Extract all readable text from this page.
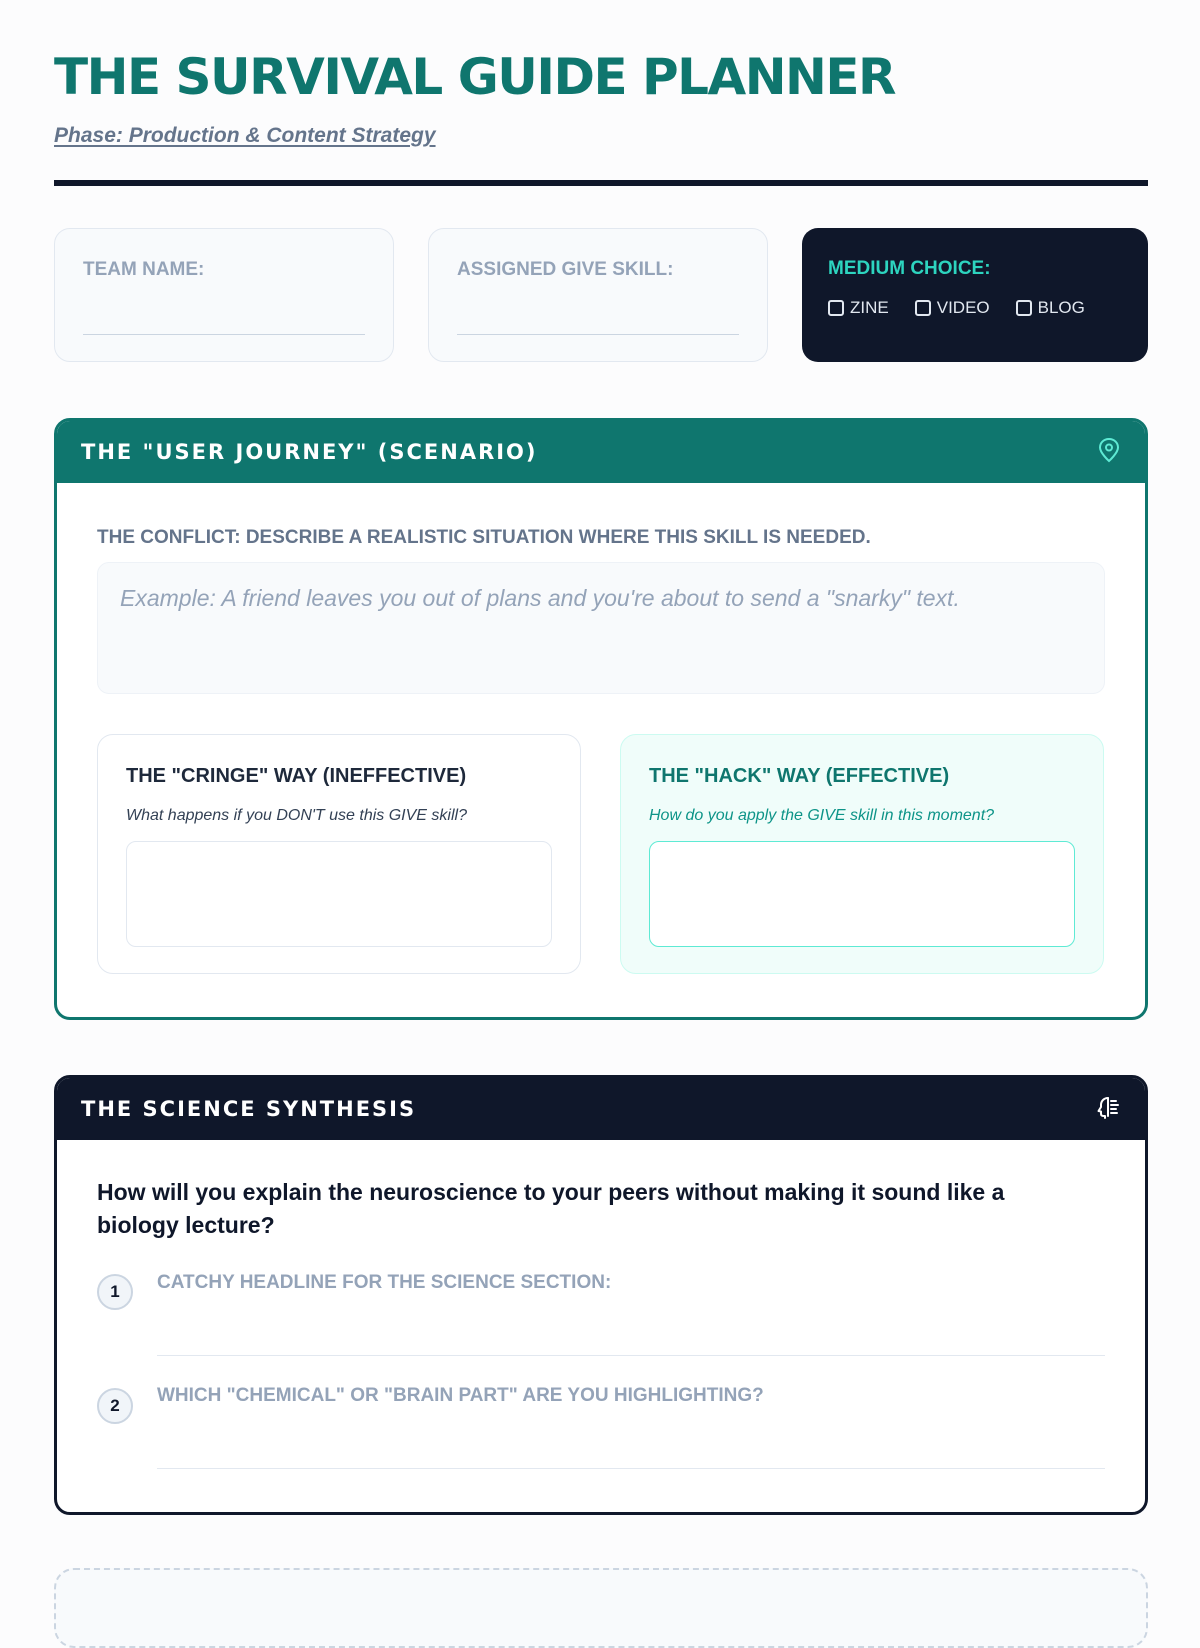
THE SURVIVAL GUIDE PLANNER
Phase: Production & Content Strategy
TEAM NAME:	ASSIGNED GIVE SKILL:	MEDIUM CHOICE:
ZINE	VIDEO	BLOG
THE "USER JOURNEY" (SCENARIO)
THE CONFLICT: DESCRIBE A REALISTIC SITUATION WHERE THIS SKILL IS NEEDED.
Example: A friend leaves you out of plans and you're about to send a "snarky" text.
THE "CRINGE" WAY (INEFFECTIVE)
What happens if you DON'T use this GIVE skill?
THE "HACK" WAY (EFFECTIVE)
How do you apply the GIVE skill in this moment?
THE SCIENCE SYNTHESIS
How will you explain the neuroscience to your peers without making it sound like a biology lecture?
1	CATCHY HEADLINE FOR THE SCIENCE SECTION:
2	WHICH "CHEMICAL" OR "BRAIN PART" ARE YOU HIGHLIGHTING?
